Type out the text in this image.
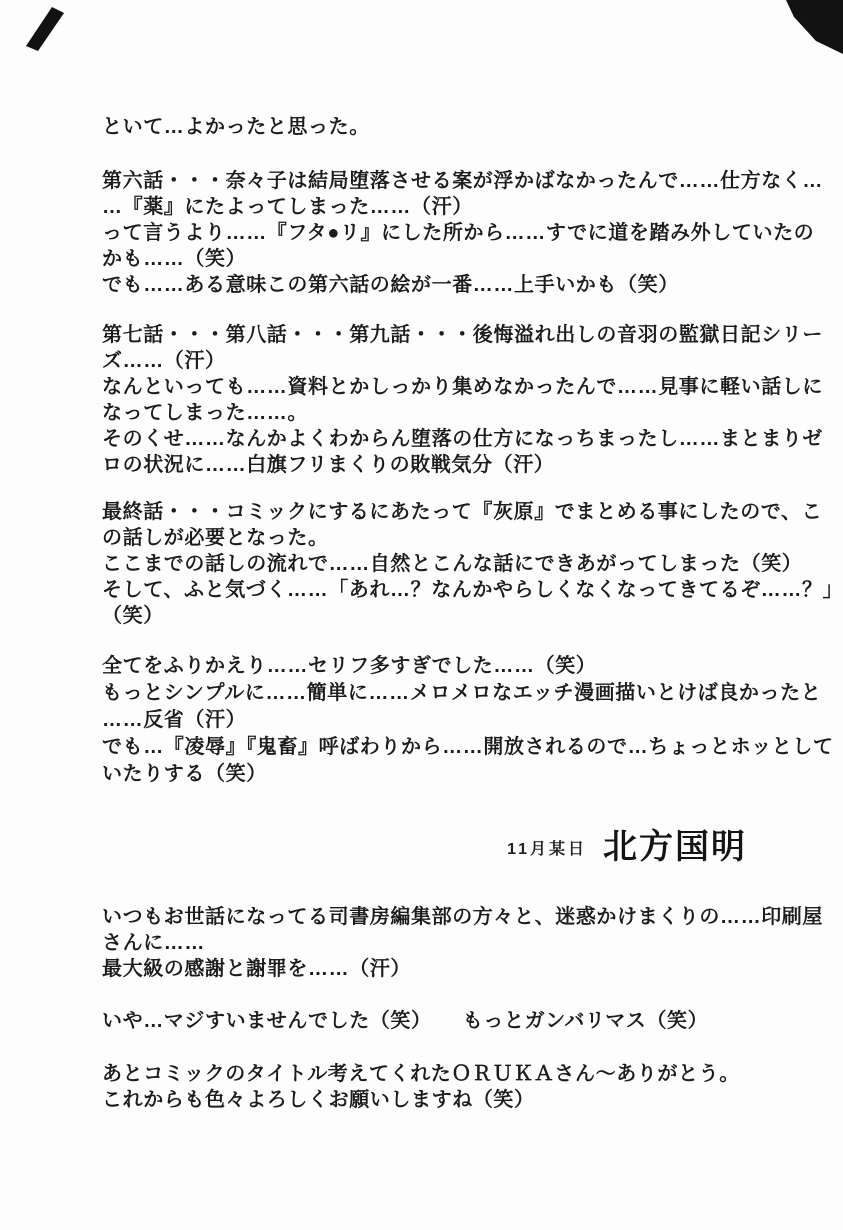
といて…よかったと思った。
第六話・・・奈々子は結局堕落させる案が浮かばなかったんで……仕方なく…
…『薬』にたよってしまった……（汗）
って言うより……『フタ●リ』にした所から……すでに道を踏み外していたの
かも……（笑）
でも……ある意味この第六話の絵が一番……上手いかも（笑）
第七話・・・第八話・・・第九話・・・後悔溢れ出しの音羽の監獄日記シリー
ズ……（汗）
なんといっても……資料とかしっかり集めなかったんで……見事に軽い話しに
なってしまった……。
そのくせ……なんかよくわからん堕落の仕方になっちまったし……まとまりゼ
ロの状況に……白旗フリまくりの敗戦気分（汗）
最終話・・・コミックにするにあたって『灰原』でまとめる事にしたので、こ
の話しが必要となった。
ここまでの話しの流れで……自然とこんな話にできあがってしまった（笑）
そして、ふと気づく……「あれ…？なんかやらしくなくなってきてるぞ……？」
（笑）
全てをふりかえり……セリフ多すぎでした……（笑）
もっとシンプルに……簡単に……メロメロなエッチ漫画描いとけば良かったと
……反省（汗）
でも…『凌辱』『鬼畜』呼ばわりから……開放されるので…ちょっとホッとして
いたりする（笑）
11月某日 北方国明
いつもお世話になってる司書房編集部の方々と、迷惑かけまくりの……印刷屋
さんに……
最大級の感謝と謝罪を……（汗）
いや…マジすいませんでした（笑）　　もっとガンバリマス（笑）
あとコミックのタイトル考えてくれたＯＲＵＫＡさん～ありがとう。
これからも色々よろしくお願いしますね（笑）
